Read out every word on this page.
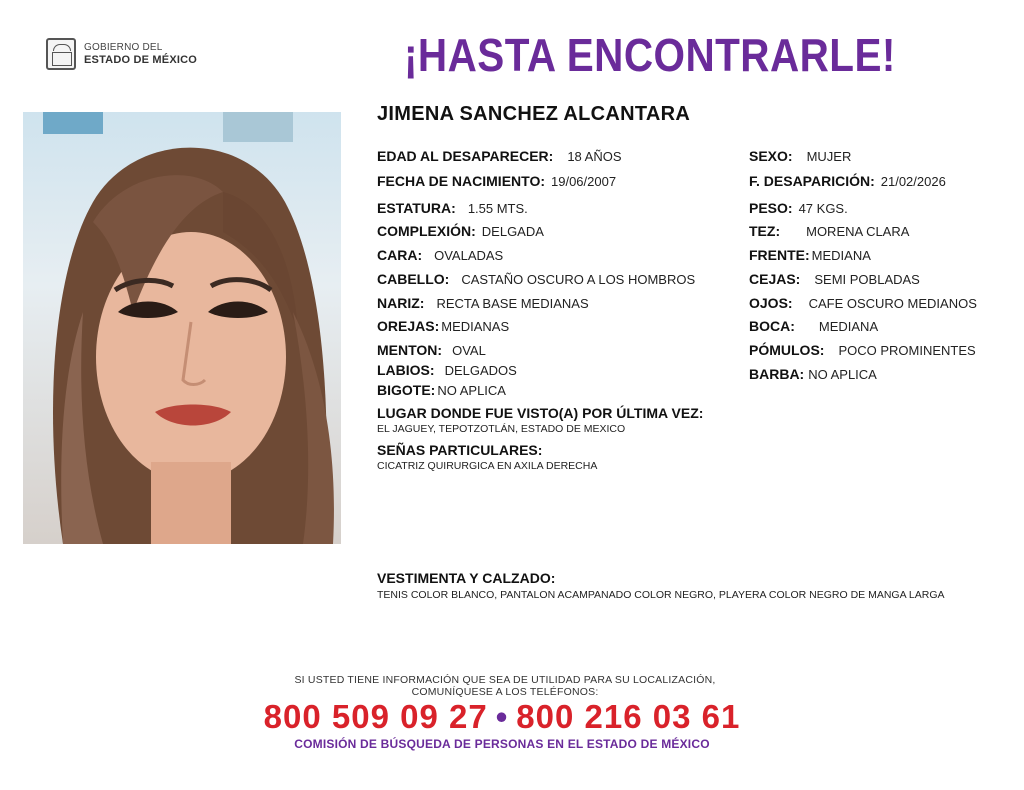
GOBIERNO DEL
ESTADO DE MÉXICO	¡HASTA ENCONTRARLE!
JIMENA SANCHEZ ALCANTARA
EDAD AL DESAPARECER: 18 AÑOS
FECHA DE NACIMIENTO: 19/06/2007
ESTATURA: 1.55 MTS.
COMPLEXIÓN: DELGADA
CARA: OVALADAS
CABELLO: CASTAÑO OSCURO A LOS HOMBROS
NARIZ: RECTA BASE MEDIANAS
OREJAS: MEDIANAS
MENTON: OVAL
LABIOS: DELGADOS
BIGOTE: NO APLICA
SEXO: MUJER
F. DESAPARICIÓN: 21/02/2026
PESO: 47 KGS.
TEZ: MORENA CLARA
FRENTE: MEDIANA
CEJAS: SEMI POBLADAS
OJOS: CAFE OSCURO MEDIANOS
BOCA: MEDIANA
PÓMULOS: POCO PROMINENTES
BARBA: NO APLICA
LUGAR DONDE FUE VISTO(A) POR ÚLTIMA VEZ:
EL JAGUEY, TEPOTZOTLÁN, ESTADO DE MEXICO
SEÑAS PARTICULARES:
CICATRIZ QUIRURGICA EN AXILA DERECHA
VESTIMENTA Y CALZADO:
TENIS COLOR BLANCO, PANTALON ACAMPANADO COLOR NEGRO, PLAYERA COLOR NEGRO DE MANGA LARGA
SI USTED TIENE INFORMACIÓN QUE SEA DE UTILIDAD PARA SU LOCALIZACIÓN,
COMUNÍQUESE A LOS TELÉFONOS:
800 509 09 27 • 800 216 03 61
COMISIÓN DE BÚSQUEDA DE PERSONAS EN EL ESTADO DE MÉXICO
